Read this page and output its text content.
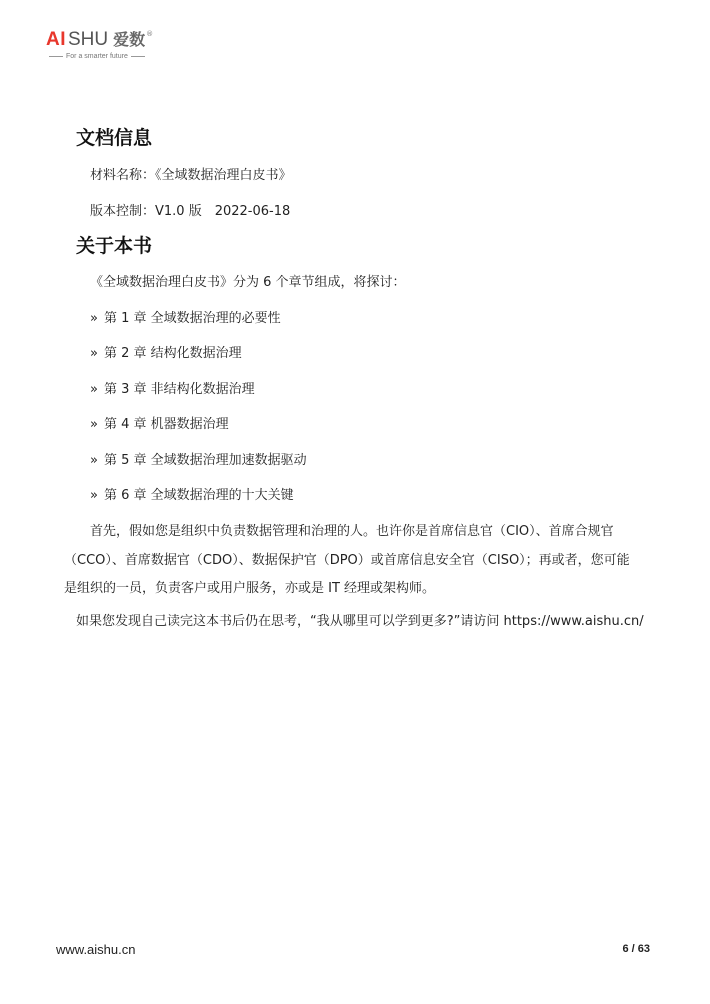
AI SHU 爱数 ®
For a smarter future
文档信息
材料名称：《全域数据治理白皮书》
版本控制：V1.0 版　2022-06-18
关于本书
《全域数据治理白皮书》分为 6 个章节组成，将探讨：
» 第 1 章 全域数据治理的必要性
» 第 2 章 结构化数据治理
» 第 3 章 非结构化数据治理
» 第 4 章 机器数据治理
» 第 5 章 全域数据治理加速数据驱动
» 第 6 章 全域数据治理的十大关键
　　首先，假如您是组织中负责数据管理和治理的人。也许你是首席信息官（CIO）、首席合规官
（CCO）、首席数据官（CDO）、数据保护官（DPO）或首席信息安全官（CISO）；再或者，您可能
是组织的一员，负责客户或用户服务，亦或是 IT 经理或架构师。
如果您发现自己读完这本书后仍在思考，“我从哪里可以学到更多?”请访问 https://www.aishu.cn/
www.aishu.cn	6 / 63
